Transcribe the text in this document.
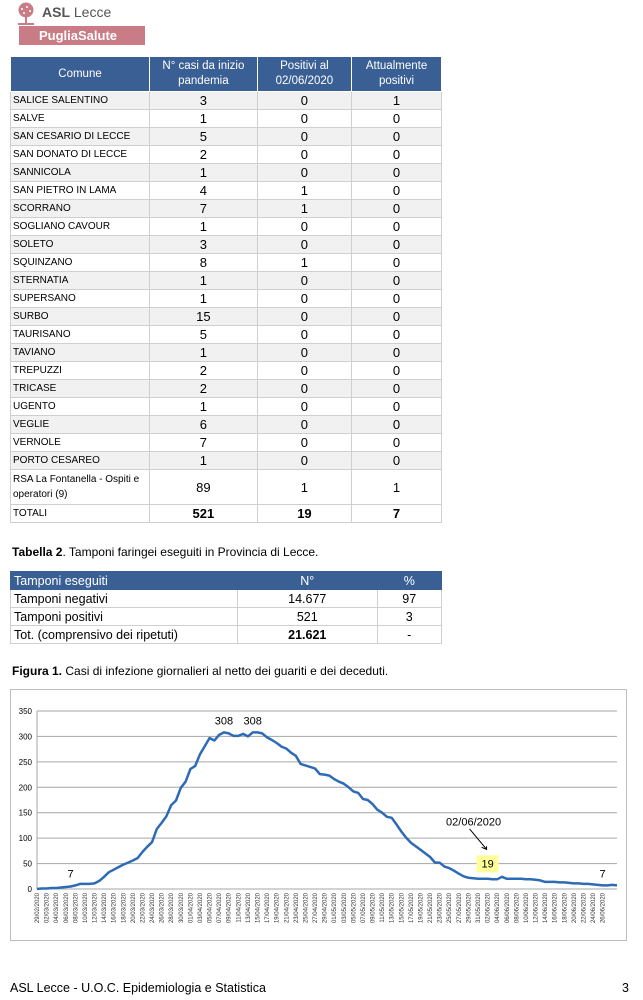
ASL Lecce
PugliaSalute
Comune	N° casi da inizio pandemia	Positivi al 02/06/2020	Attualmente positivi
SALICE SALENTINO	3	0	1
SALVE	1	0	0
SAN CESARIO DI LECCE	5	0	0
SAN DONATO DI LECCE	2	0	0
SANNICOLA	1	0	0
SAN PIETRO IN LAMA	4	1	0
SCORRANO	7	1	0
SOGLIANO CAVOUR	1	0	0
SOLETO	3	0	0
SQUINZANO	8	1	0
STERNATIA	1	0	0
SUPERSANO	1	0	0
SURBO	15	0	0
TAURISANO	5	0	0
TAVIANO	1	0	0
TREPUZZI	2	0	0
TRICASE	2	0	0
UGENTO	1	0	0
VEGLIE	6	0	0
VERNOLE	7	0	0
PORTO CESAREO	1	0	0
RSA La Fontanella - Ospiti e operatori (9)	89	1	1
TOTALI	521	19	7
Tabella 2. Tamponi faringei eseguiti in Provincia di Lecce.
Tamponi eseguiti	N°	%
Tamponi negativi	14.677	97
Tamponi positivi	521	3
Tot. (comprensivo dei ripetuti)	21.621	-
Figura 1. Casi di infezione giornalieri al netto dei guariti e dei deceduti.
0
50
100
150
200
250
300
350
29/02/2020 02/03/2020 04/03/2020 06/03/2020 08/03/2020 10/03/2020 12/03/2020 14/03/2020 16/03/2020 18/03/2020 20/03/2020 22/03/2020 24/03/2020 26/03/2020 28/03/2020 30/03/2020 01/04/2020 03/04/2020 05/04/2020 07/04/2020 09/04/2020 11/04/2020 13/04/2020 15/04/2020 17/04/2020 19/04/2020 21/04/2020 23/04/2020 25/04/2020 27/04/2020 29/04/2020 01/05/2020 03/05/2020 05/05/2020 07/05/2020 09/05/2020 11/05/2020 13/05/2020 15/05/2020 17/05/2020 19/05/2020 21/05/2020 23/05/2020 25/05/2020 27/05/2020 29/05/2020 31/05/2020 02/06/2020 04/06/2020 06/06/2020 08/06/2020 10/06/2020 12/06/2020 14/06/2020 16/06/2020 18/06/2020 20/06/2020 22/06/2020 24/06/2020 26/06/2020
7
308 308
02/06/2020
19
7
ASL Lecce - U.O.C. Epidemiologia e Statistica	3
